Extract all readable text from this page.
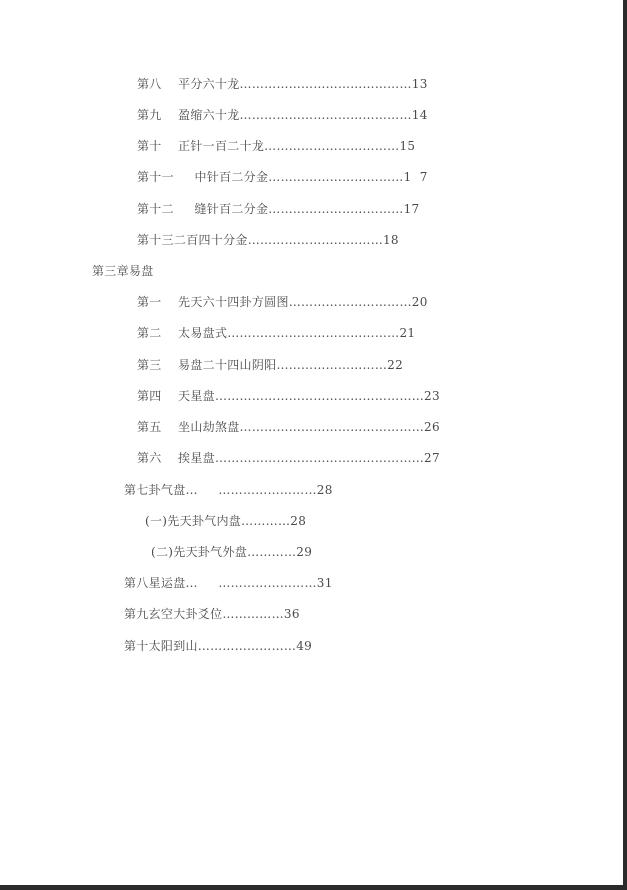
第八    平分六十龙……………………………………13
第九    盈缩六十龙……………………………………14
第十    正针一百二十龙……………………………15
第十一     中针百二分金……………………………1  7
第十二     缝针百二分金……………………………17
第十三二百四十分金……………………………18
第三章易盘
第一    先天六十四卦方圆图…………………………20
第二    太易盘式……………………………………21
第三    易盘二十四山阴阳………………………22
第四    天星盘……………………………………………23
第五    坐山劫煞盘………………………………………26
第六    挨星盘……………………………………………27
第七卦气盘…     ……………………28
(一)先天卦气内盘…………28
(二)先天卦气外盘…………29
第八星运盘…     ……………………31
第九玄空大卦爻位……………36
第十太阳到山……………………49
